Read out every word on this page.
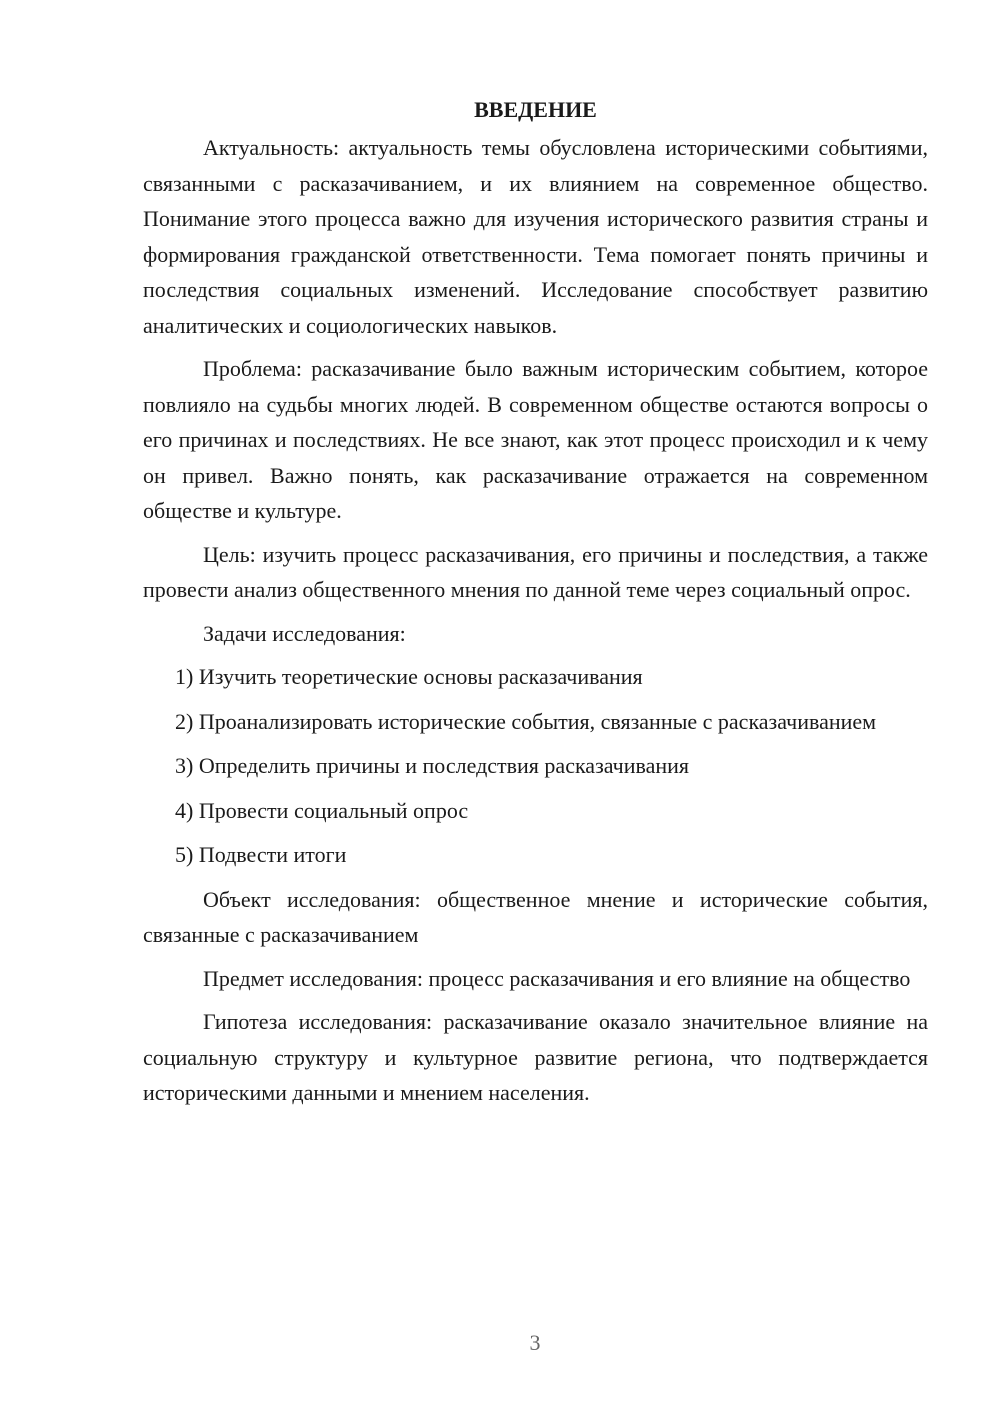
ВВЕДЕНИЕ

Актуальность: актуальность темы обусловлена историческими событиями, связанными с расказачиванием, и их влиянием на современное общество. Понимание этого процесса важно для изучения исторического развития страны и формирования гражданской ответственности. Тема помогает понять причины и последствия социальных изменений. Исследование способствует развитию аналитических и социологических навыков.

Проблема: расказачивание было важным историческим событием, которое повлияло на судьбы многих людей. В современном обществе остаются вопросы о его причинах и последствиях. Не все знают, как этот процесс происходил и к чему он привел. Важно понять, как расказачивание отражается на современном обществе и культуре.

Цель: изучить процесс расказачивания, его причины и последствия, а также провести анализ общественного мнения по данной теме через социальный опрос.

Задачи исследования:

1) Изучить теоретические основы расказачивания

2) Проанализировать исторические события, связанные с расказачиванием

3) Определить причины и последствия расказачивания

4) Провести социальный опрос

5) Подвести итоги

Объект исследования: общественное мнение и исторические события, связанные с расказачиванием

Предмет исследования: процесс расказачивания и его влияние на общество

Гипотеза исследования: расказачивание оказало значительное влияние на социальную структуру и культурное развитие региона, что подтверждается историческими данными и мнением населения.

3
